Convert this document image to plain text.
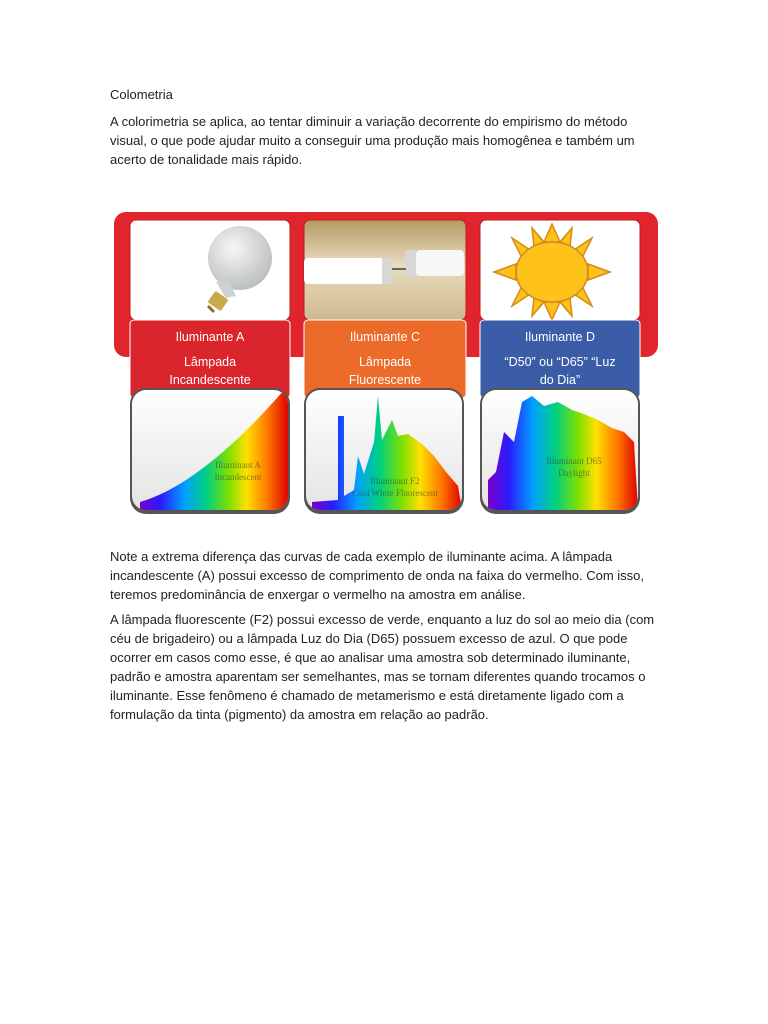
Colometria

A colorimetria se aplica, ao tentar diminuir a variação decorrente do empirismo do método visual, o que pode ajudar muito a conseguir uma produção mais homogênea e também um acerto de tonalidade mais rápido.

Iluminante A
Lâmpada
Incandescente
Iluminante C
Lâmpada
Fluorescente
Iluminante D
“D50” ou “D65” “Luz
do Dia”
Illuminant A
Incandescent	Illuminant F2
Cool White Fluorescent
Illuminant D65
Daylight

Note a extrema diferença das curvas de cada exemplo de iluminante acima. A lâmpada incandescente (A) possui excesso de comprimento de onda na faixa do vermelho. Com isso, teremos predominância de enxergar o vermelho na amostra em análise.

A lâmpada fluorescente (F2) possui excesso de verde, enquanto a luz do sol ao meio dia (com céu de brigadeiro) ou a lâmpada Luz do Dia (D65) possuem excesso de azul. O que pode ocorrer em casos como esse, é que ao analisar uma amostra sob determinado iluminante, padrão e amostra aparentam ser semelhantes, mas se tornam diferentes quando trocamos o iluminante. Esse fenômeno é chamado de metamerismo e está diretamente ligado com a formulação da tinta (pigmento) da amostra em relação ao padrão.
